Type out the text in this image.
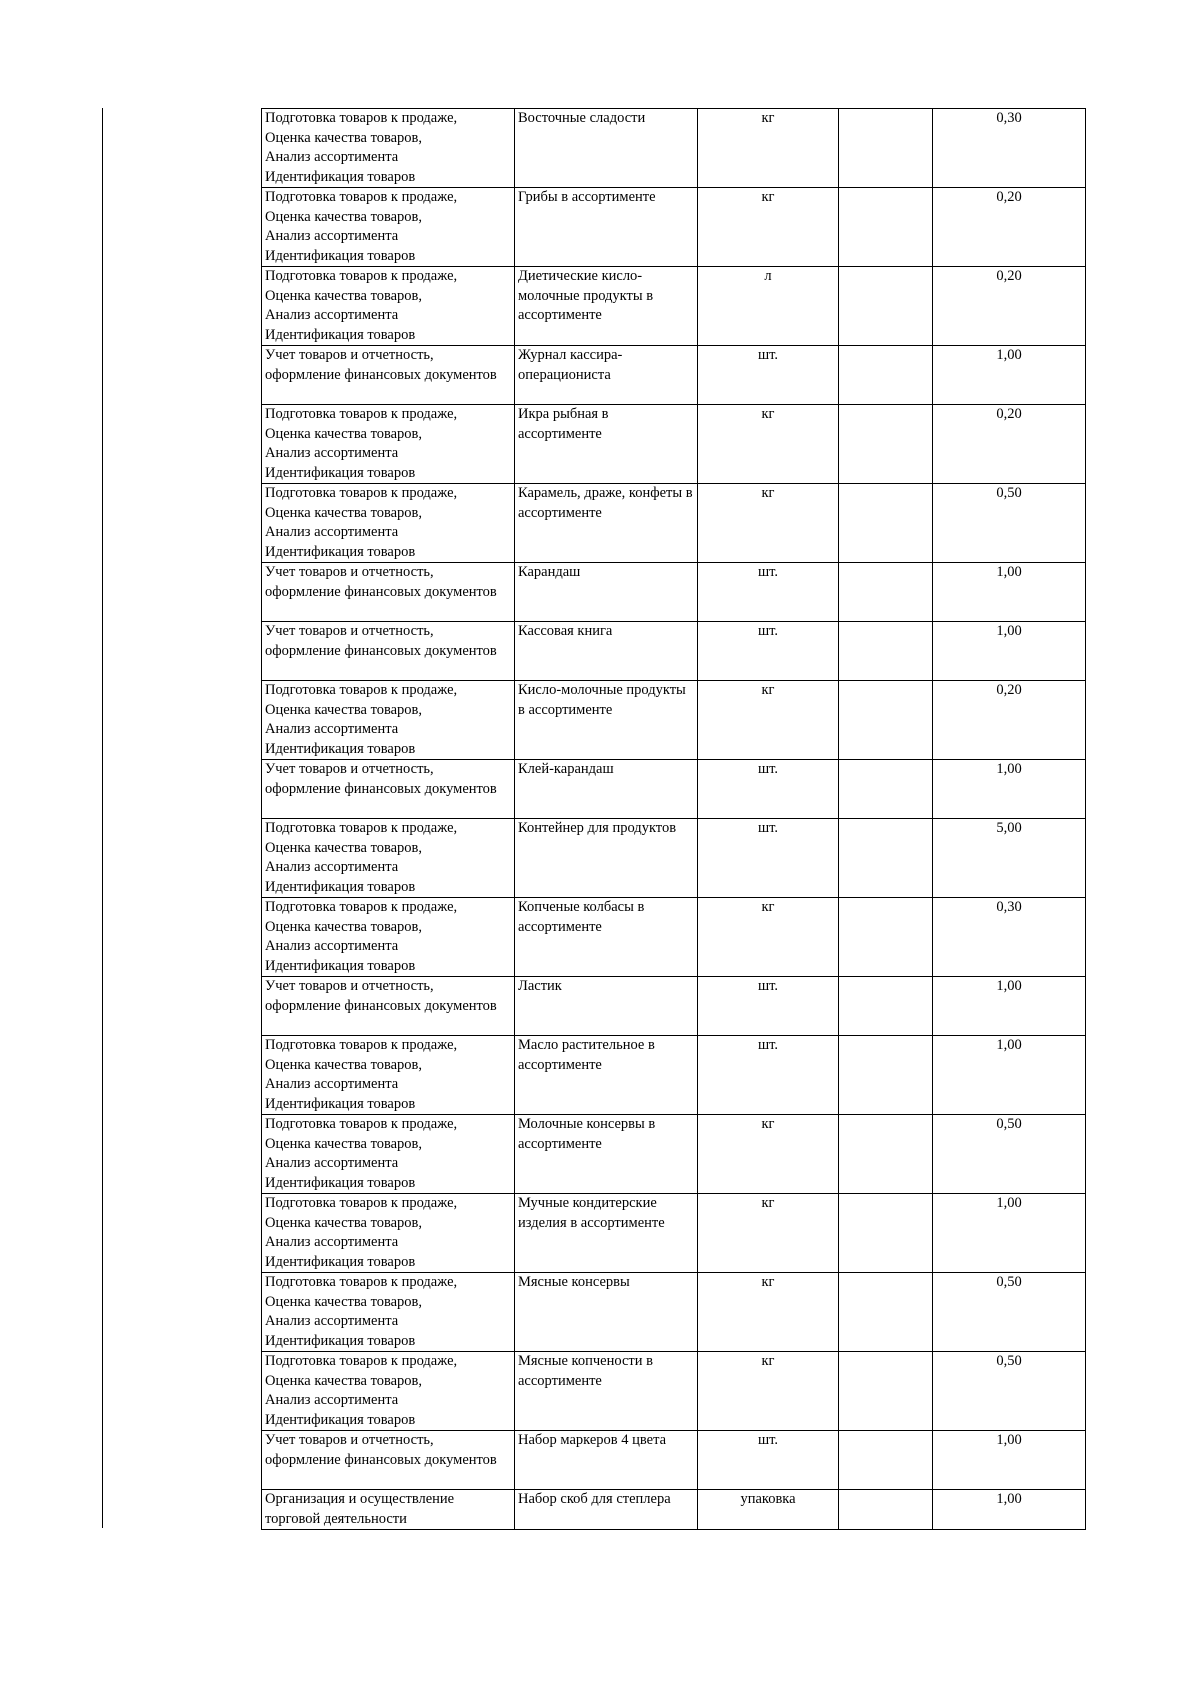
Подготовка товаров к продаже,
Оценка качества товаров,
Анализ ассортимента
Идентификация товаров	Восточные сладости	кг		0,30

Подготовка товаров к продаже,
Оценка качества товаров,
Анализ ассортимента
Идентификация товаров	Грибы в ассортименте	кг		0,20

Подготовка товаров к продаже,
Оценка качества товаров,
Анализ ассортимента
Идентификация товаров	Диетические кисло-молочные продукты в ассортименте	л		0,20

Учет товаров и отчетность,
оформление финансовых документов	Журнал кассира-операциониста	шт.		1,00

Подготовка товаров к продаже,
Оценка качества товаров,
Анализ ассортимента
Идентификация товаров	Икра рыбная в ассортименте	кг		0,20

Подготовка товаров к продаже,
Оценка качества товаров,
Анализ ассортимента
Идентификация товаров	Карамель, драже, конфеты в ассортименте	кг		0,50

Учет товаров и отчетность,
оформление финансовых документов	Карандаш	шт.		1,00

Учет товаров и отчетность,
оформление финансовых документов	Кассовая книга	шт.		1,00

Подготовка товаров к продаже,
Оценка качества товаров,
Анализ ассортимента
Идентификация товаров	Кисло-молочные продукты в ассортименте	кг		0,20

Учет товаров и отчетность,
оформление финансовых документов	Клей-карандаш	шт.		1,00

Подготовка товаров к продаже,
Оценка качества товаров,
Анализ ассортимента
Идентификация товаров	Контейнер для продуктов	шт.		5,00

Подготовка товаров к продаже,
Оценка качества товаров,
Анализ ассортимента
Идентификация товаров	Копченые колбасы в ассортименте	кг		0,30

Учет товаров и отчетность,
оформление финансовых документов	Ластик	шт.		1,00

Подготовка товаров к продаже,
Оценка качества товаров,
Анализ ассортимента
Идентификация товаров	Масло растительное в ассортименте	шт.		1,00

Подготовка товаров к продаже,
Оценка качества товаров,
Анализ ассортимента
Идентификация товаров	Молочные консервы в ассортименте	кг		0,50

Подготовка товаров к продаже,
Оценка качества товаров,
Анализ ассортимента
Идентификация товаров	Мучные кондитерские изделия в ассортименте	кг		1,00

Подготовка товаров к продаже,
Оценка качества товаров,
Анализ ассортимента
Идентификация товаров	Мясные консервы	кг		0,50

Подготовка товаров к продаже,
Оценка качества товаров,
Анализ ассортимента
Идентификация товаров	Мясные копчености в ассортименте	кг		0,50

Учет товаров и отчетность,
оформление финансовых документов	Набор маркеров 4 цвета	шт.		1,00

Организация и осуществление
торговой деятельности	Набор скоб для степлера	упаковка		1,00
